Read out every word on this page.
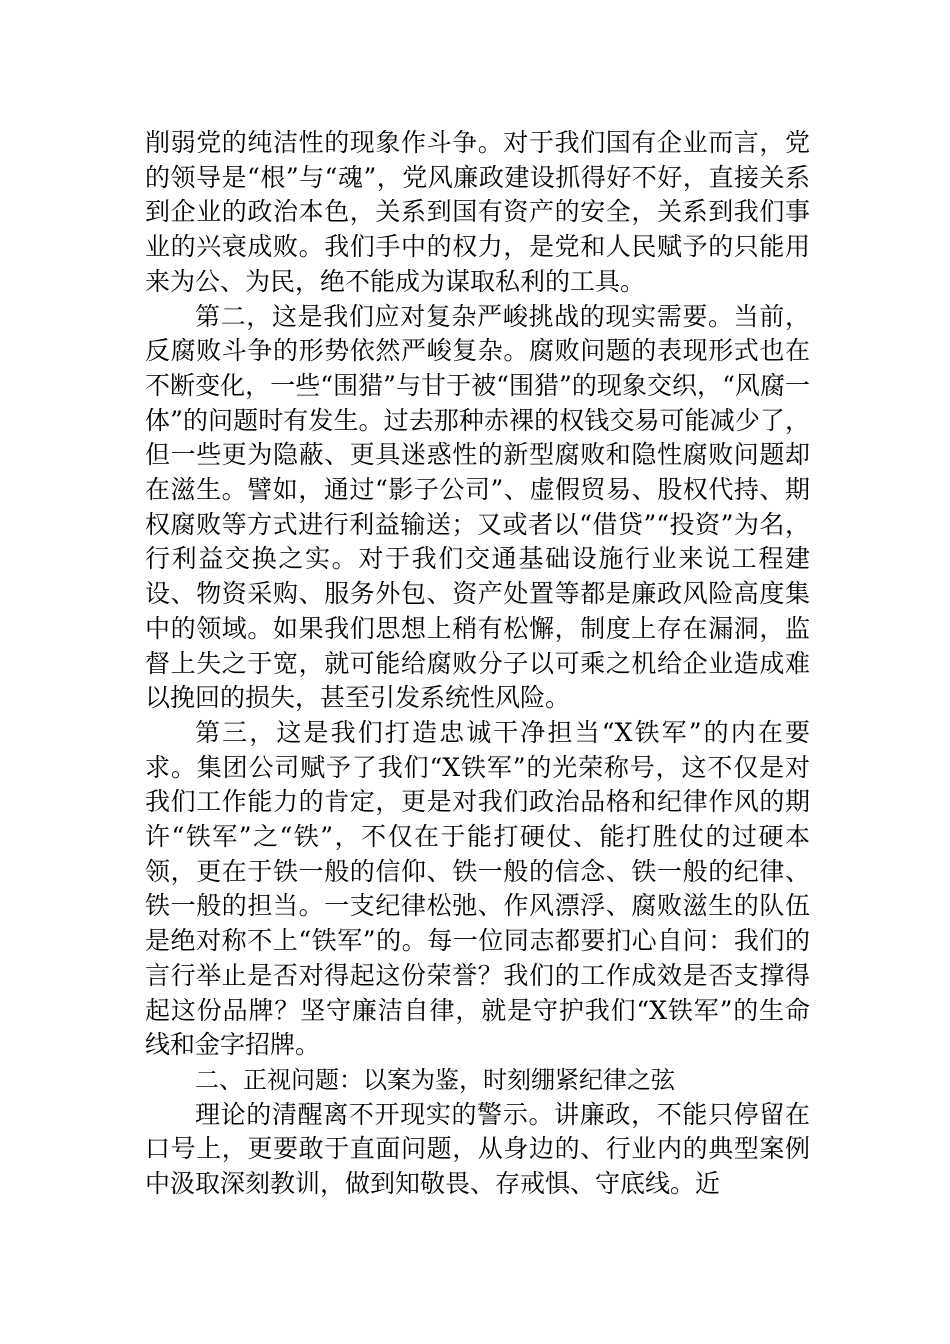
削弱党的纯洁性的现象作斗争。对于我们国有企业而言，党的领导是“根”与“魂”，党风廉政建设抓得好不好，直接关系到企业的政治本色，关系到国有资产的安全，关系到我们事业的兴衰成败。我们手中的权力，是党和人民赋予的只能用来为公、为民，绝不能成为谋取私利的工具。

第二，这是我们应对复杂严峻挑战的现实需要。当前，反腐败斗争的形势依然严峻复杂。腐败问题的表现形式也在不断变化，一些“围猎”与甘于被“围猎”的现象交织，“风腐一体”的问题时有发生。过去那种赤裸的权钱交易可能减少了，但一些更为隐蔽、更具迷惑性的新型腐败和隐性腐败问题却在滋生。譬如，通过“影子公司”、虚假贸易、股权代持、期权腐败等方式进行利益输送；又或者以“借贷”“投资”为名，行利益交换之实。对于我们交通基础设施行业来说工程建设、物资采购、服务外包、资产处置等都是廉政风险高度集中的领域。如果我们思想上稍有松懈，制度上存在漏洞，监督上失之于宽，就可能给腐败分子以可乘之机给企业造成难以挽回的损失，甚至引发系统性风险。

第三，这是我们打造忠诚干净担当“X铁军”的内在要求。集团公司赋予了我们“X铁军”的光荣称号，这不仅是对我们工作能力的肯定，更是对我们政治品格和纪律作风的期许“铁军”之“铁”，不仅在于能打硬仗、能打胜仗的过硬本领，更在于铁一般的信仰、铁一般的信念、铁一般的纪律、铁一般的担当。一支纪律松弛、作风漂浮、腐败滋生的队伍是绝对称不上“铁军”的。每一位同志都要扪心自问：我们的言行举止是否对得起这份荣誉？我们的工作成效是否支撑得起这份品牌？坚守廉洁自律，就是守护我们“X铁军”的生命线和金字招牌。

二、正视问题：以案为鉴，时刻绷紧纪律之弦

理论的清醒离不开现实的警示。讲廉政，不能只停留在口号上，更要敢于直面问题，从身边的、行业内的典型案例中汲取深刻教训，做到知敬畏、存戒惧、守底线。近
